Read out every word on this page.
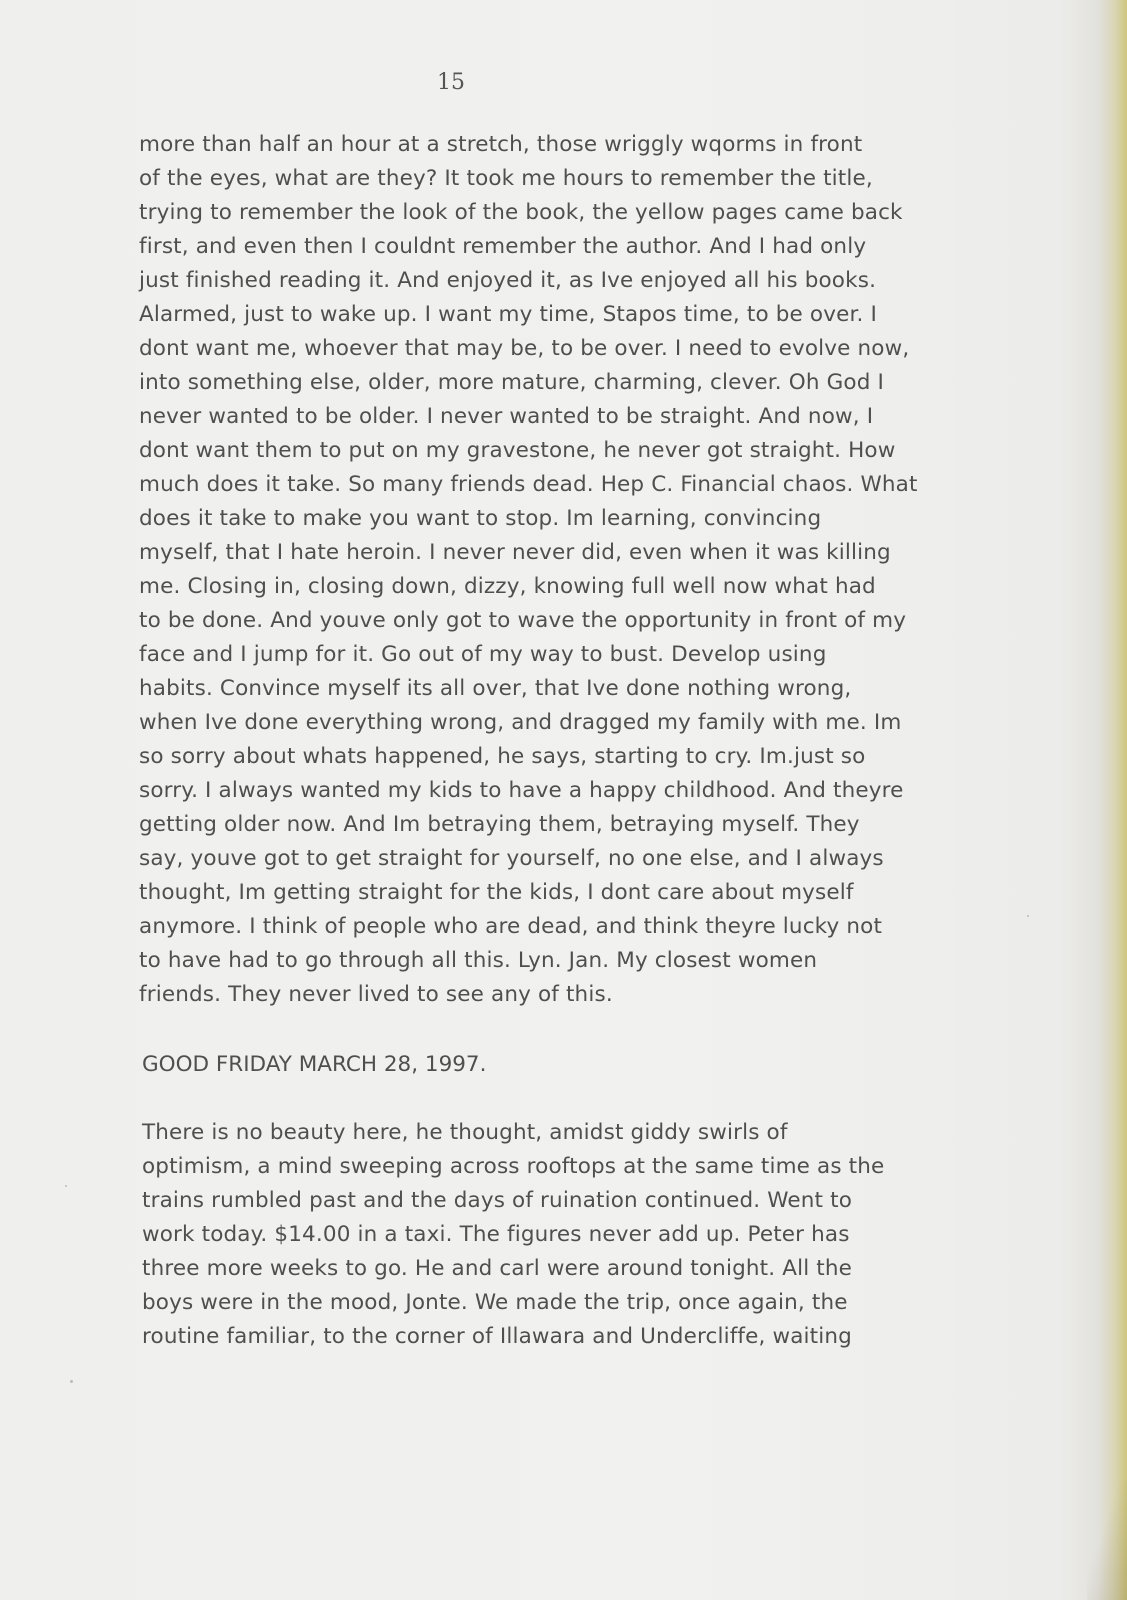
15

more than half an hour at a stretch, those wriggly wqorms in front
of the eyes, what are they? It took me hours to remember the title,
trying to remember the look of the book, the yellow pages came back
first, and even then I couldnt remember the author. And I had only
just finished reading it. And enjoyed it, as Ive enjoyed all his books.
Alarmed, just to wake up. I want my time, Stapos time, to be over. I
dont want me, whoever that may be, to be over. I need to evolve now,
into something else, older, more mature, charming, clever. Oh God I
never wanted to be older. I never wanted to be straight. And now, I
dont want them to put on my gravestone, he never got straight. How
much does it take. So many friends dead. Hep C. Financial chaos. What
does it take to make you want to stop. Im learning, convincing
myself, that I hate heroin. I never never did, even when it was killing
me. Closing in, closing down, dizzy, knowing full well now what had
to be done. And youve only got to wave the opportunity in front of my
face and I jump for it. Go out of my way to bust. Develop using
habits. Convince myself its all over, that Ive done nothing wrong,
when Ive done everything wrong, and dragged my family with me. Im
so sorry about whats happened, he says, starting to cry. Im.just so
sorry. I always wanted my kids to have a happy childhood. And theyre
getting older now. And Im betraying them, betraying myself. They
say, youve got to get straight for yourself, no one else, and I always
thought, Im getting straight for the kids, I dont care about myself
anymore. I think of people who are dead, and think theyre lucky not
to have had to go through all this. Lyn. Jan. My closest women
friends. They never lived to see any of this.

GOOD FRIDAY MARCH 28, 1997.

There is no beauty here, he thought, amidst giddy swirls of
optimism, a mind sweeping across rooftops at the same time as the
trains rumbled past and the days of ruination continued. Went to
work today. $14.00 in a taxi. The figures never add up. Peter has
three more weeks to go. He and carl were around tonight. All the
boys were in the mood, Jonte. We made the trip, once again, the
routine familiar, to the corner of Illawara and Undercliffe, waiting
